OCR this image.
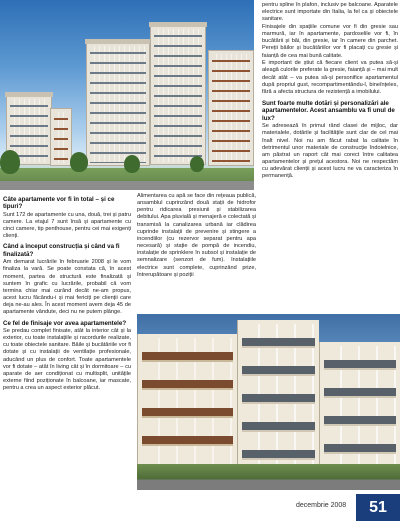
pentru spline în plafon, inclusiv pe balcoane. Aparatele electrice sunt importate din Italia, la fel ca și obiectele sanitare.

Finisajele din spațiile comune vor fi din gresie sau marmură, iar în apartamente, pardoselile vor fi, în bucătării și băi, din gresie, iar în camere din parchet. Pereții băilor și bucătăriilor vor fi placați cu gresie și faianță de cea mai bună calitate.

E important de știut că fiecare client va putea să-și aleagă culorile preferate la gresie, faianță și – mai mult decât atât – va putea să-și personifice apartamentul după propriul gust, recompartimentându-l, bineînțeles, fără a afecta structura de rezistență a imobilului.

Sunt foarte multe dotări și personalizări ale apartamentelor. Acest ansamblu va fi unul de lux?

Se adresează în primul rând clasei de mijloc, dar materialele, dotările și facilitățile sunt clar de cel mai înalt nivel. Noi nu am făcut rabat la calitate în detrimentul unor materiale de construcție îndoielnice, am păstrat un raport cât mai corect între calitatea apartamentelor și prețul acestora. Noi ne respectăm cu adevărat clienții și acest lucru ne va caracteriza în permanență.

Câte apartamente vor fi în total – și ce tipuri?

Sunt 172 de apartamente cu una, două, trei și patru camere. La etajul 7 sunt însă și apartamente cu cinci camere, tip penthouse, pentru cei mai exigenți clienți.

Când a început construcția și când va fi finalizată?

Am demarat lucrările în februarie 2008 și le vom finaliza la vară. Se poate constata că, în acest moment, partea de structură este finalizată și suntem în grafic cu lucrările, probabil că vom termina chiar mai curând decât ne-am propus, acest lucru făcându-i și mai fericiți pe clienții care deja ne-au ales. În acest moment avem deja 45 de apartamente vândute, deci nu ne putem plânge.

Ce fel de finisaje vor avea apartamentele?

Se predau complet finisate, atât la interior cât și la exterior, cu toate instalațiile și racordurile realizate, cu toate obiectele sanitare. Băile și bucătăriile vor fi dotate și cu instalații de ventilație profesionale, aducând un plus de confort. Toate apartamentele vor fi dotate – atât în living cât și în dormitoare – cu aparate de aer condiționat cu multisplit, unitățile externe fiind poziționate în balcoane, iar mascate, pentru a crea un aspect exterior plăcut.

Alimentarea cu apă se face din rețeaua publică, ansamblul cuprinzând două stații de hidrofor pentru ridicarea presiunii și stabilizarea debitului. Apa pluvială și menajeră e colectată și transmisă la canalizarea urbană iar clădirea cuprinde instalații de prevenire și stingere a incendiilor (cu rezervor separat pentru apa necesară) și stație de pompă de incendiu, instalație de sprinklere în subsol și instalație de semnalizare (senzori de fum). Instalațiile electrice sunt complete, cuprinzând prize, întrerupătoare și poziții

decembrie 2008 51
